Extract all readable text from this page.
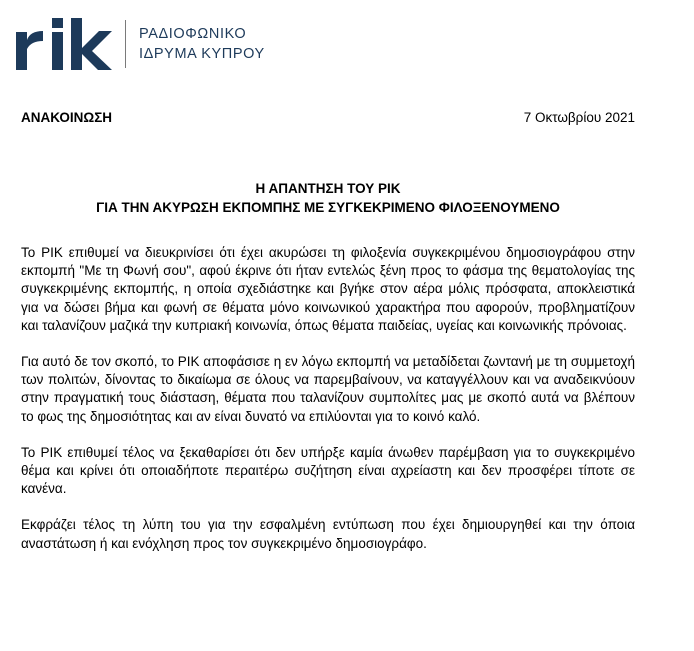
ΡΑΔΙΟΦΩΝΙΚΟ
ΙΔΡΥΜΑ ΚΥΠΡΟΥ
ΑΝΑΚΟΙΝΩΣΗ	7 Οκτωβρίου 2021
Η ΑΠΑΝΤΗΣΗ ΤΟΥ ΡΙΚ
ΓΙΑ ΤΗΝ ΑΚΥΡΩΣΗ ΕΚΠΟΜΠΗΣ ΜΕ ΣΥΓΚΕΚΡΙΜΕΝΟ ΦΙΛΟΞΕΝΟΥΜΕΝΟ

Το ΡΙΚ επιθυμεί να διευκρινίσει ότι έχει ακυρώσει τη φιλοξενία συγκεκριμένου δημοσιογράφου στην εκπομπή "Με τη Φωνή σου", αφού έκρινε ότι ήταν εντελώς ξένη προς το φάσμα της θεματολογίας της συγκεκριμένης εκπομπής, η οποία σχεδιάστηκε και βγήκε στον αέρα μόλις πρόσφατα, αποκλειστικά για να δώσει βήμα και φωνή σε θέματα μόνο κοινωνικού χαρακτήρα που αφορούν, προβληματίζουν και ταλανίζουν μαζικά την κυπριακή κοινωνία, όπως θέματα παιδείας, υγείας και κοινωνικής πρόνοιας.

Για αυτό δε τον σκοπό, το ΡΙΚ αποφάσισε η εν λόγω εκπομπή να μεταδίδεται ζωντανή με τη συμμετοχή των πολιτών, δίνοντας το δικαίωμα σε όλους να παρεμβαίνουν, να καταγγέλλουν και να αναδεικνύουν στην πραγματική τους διάσταση, θέματα που ταλανίζουν συμπολίτες μας με σκοπό αυτά να βλέπουν το φως της δημοσιότητας και αν είναι δυνατό να επιλύονται για το κοινό καλό.

Το ΡΙΚ επιθυμεί τέλος να ξεκαθαρίσει ότι δεν υπήρξε καμία άνωθεν παρέμβαση για το συγκεκριμένο θέμα και κρίνει ότι οποιαδήποτε περαιτέρω συζήτηση είναι αχρείαστη και δεν προσφέρει τίποτε σε κανένα.

Εκφράζει τέλος τη λύπη του για την εσφαλμένη εντύπωση που έχει δημιουργηθεί και την όποια αναστάτωση ή και ενόχληση προς τον συγκεκριμένο δημοσιογράφο.
